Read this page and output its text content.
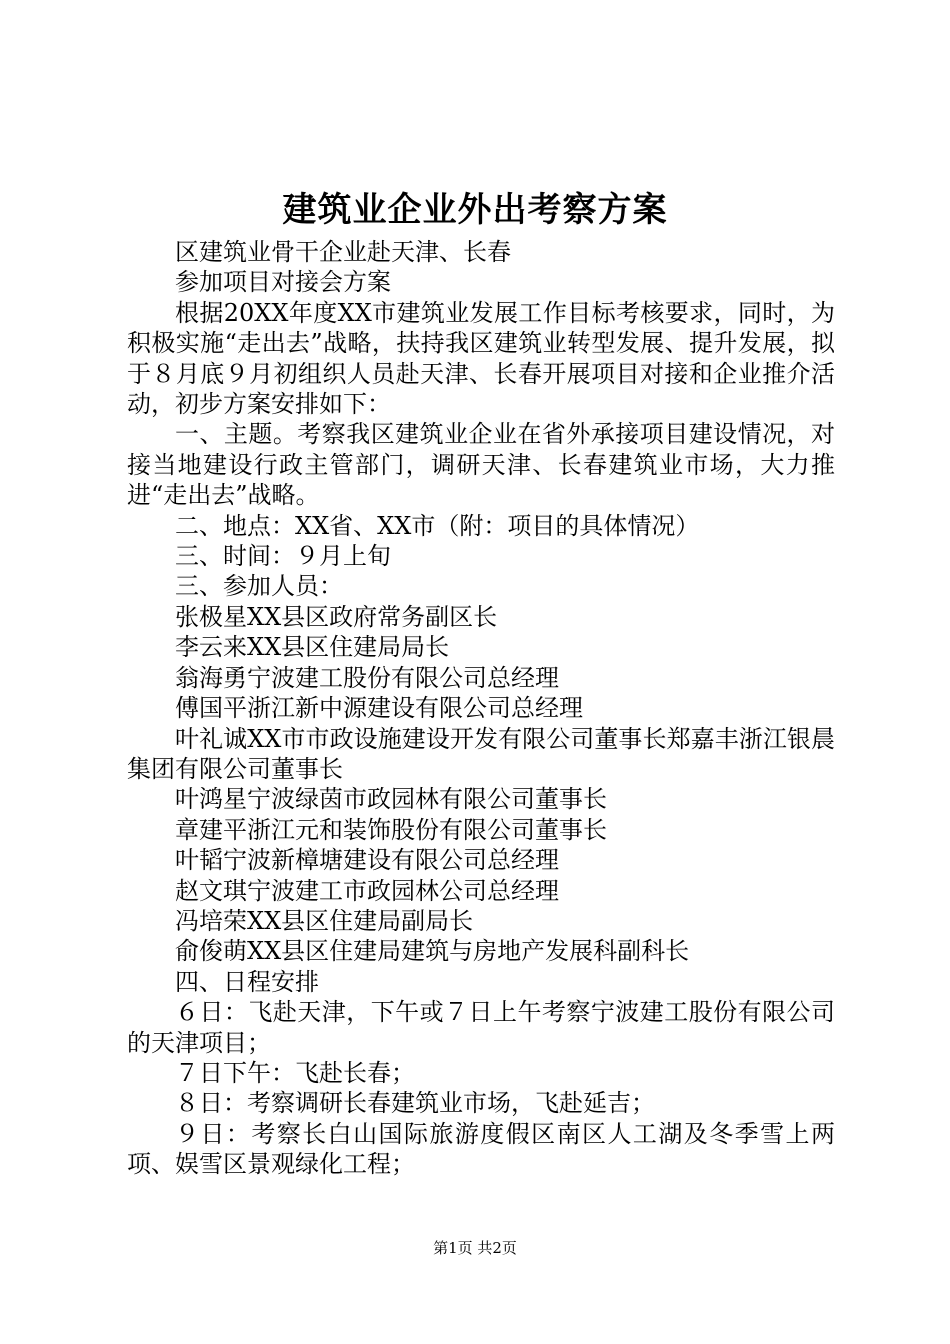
建筑业企业外出考察方案

区建筑业骨干企业赴天津、长春

参加项目对接会方案

根据20XX年度XX市建筑业发展工作目标考核要求，同时，为积极实施“走出去”战略，扶持我区建筑业转型发展、提升发展，拟于８月底９月初组织人员赴天津、长春开展项目对接和企业推介活动，初步方案安排如下：

一、主题。考察我区建筑业企业在省外承接项目建设情况，对接当地建设行政主管部门，调研天津、长春建筑业市场，大力推进“走出去”战略。

二、地点：XX省、XX市（附：项目的具体情况）

三、时间：９月上旬

三、参加人员：

张极星XX县区政府常务副区长

李云来XX县区住建局局长

翁海勇宁波建工股份有限公司总经理

傅国平浙江新中源建设有限公司总经理

叶礼诚XX市市政设施建设开发有限公司董事长郑嘉丰浙江银晨集团有限公司董事长

叶鸿星宁波绿茵市政园林有限公司董事长

章建平浙江元和装饰股份有限公司董事长

叶韬宁波新樟塘建设有限公司总经理

赵文琪宁波建工市政园林公司总经理

冯培荣XX县区住建局副局长

俞俊萌XX县区住建局建筑与房地产发展科副科长

四、日程安排

６日：飞赴天津，下午或７日上午考察宁波建工股份有限公司的天津项目；

７日下午：飞赴长春；

８日：考察调研长春建筑业市场，飞赴延吉；

９日：考察长白山国际旅游度假区南区人工湖及冬季雪上两项、娱雪区景观绿化工程；

第1页 共2页
